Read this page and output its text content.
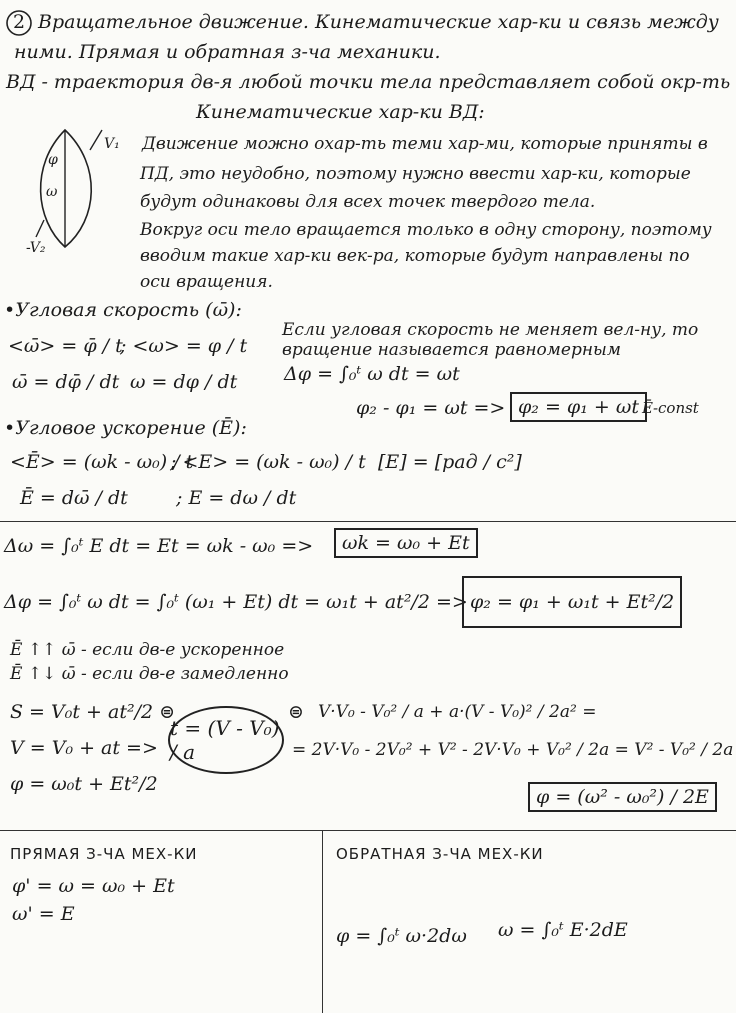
2 Вращательное движение. Кинематические хар-ки и связь между
ними. Прямая и обратная з-ча механики.
ВД - траектория дв-я любой точки тела представляет собой окр-ть
Кинематические хар-ки ВД:
V₁
-V₂
φ
ω
Движение можно охар-ть теми хар-ми, которые приняты в
ПД, это неудобно, поэтому нужно ввести хар-ки, которые
будут одинаковы для всех точек твердого тела.
Вокруг оси тело вращается только в одну сторону, поэтому
вводим такие хар-ки век-ра, которые будут направлены по
оси вращения.
•Угловая скорость (ω̄):
<ω̄> = φ̄ / t
; <ω> = φ / t
ω̄ = dφ̄ / dt ω = dφ / dt
Если угловая скорость не меняет вел-ну, то
вращение называется равномерным
Δφ = ∫₀ᵗ ω dt = ωt
φ₂ - φ₁ = ωt => φ₂ = φ₁ + ωt Ē-const
•Угловое ускорение (Ē):
<Ē> = (ωk - ω₀) / t
; <E> = (ωk - ω₀) / t [E] = [рад / с²]
Ē = dω̄ / dt	; E = dω / dt
Δω = ∫₀ᵗ E dt = Et = ωk - ω₀ =>	ωk = ω₀ + Et
Δφ = ∫₀ᵗ ω dt = ∫₀ᵗ (ω₁ + Et) dt = ω₁t + at²/2 => φ₂ = φ₁ + ω₁t + Et²/2
Ē ↑↑ ω̄ - если дв-е ускоренное
Ē ↑↓ ω̄ - если дв-е замедленно
S = V₀t + at²/2 ⊜
V = V₀ + at =>
t = (V - V₀) / a
φ = ω₀t + Et²/2
⊜ V·V₀ - V₀² / a + a·(V - V₀)² / 2a² =
= 2V·V₀ - 2V₀² + V² - 2V·V₀ + V₀² / 2a = V² - V₀² / 2a
φ = (ω² - ω₀²) / 2E
ПРЯМАЯ З-ЧА МЕХ-КИ
φ' = ω = ω₀ + Et
ω' = E
ОБРАТНАЯ З-ЧА МЕХ-КИ
φ = ∫₀ᵗ ω·2dω ω = ∫₀ᵗ E·2dE
